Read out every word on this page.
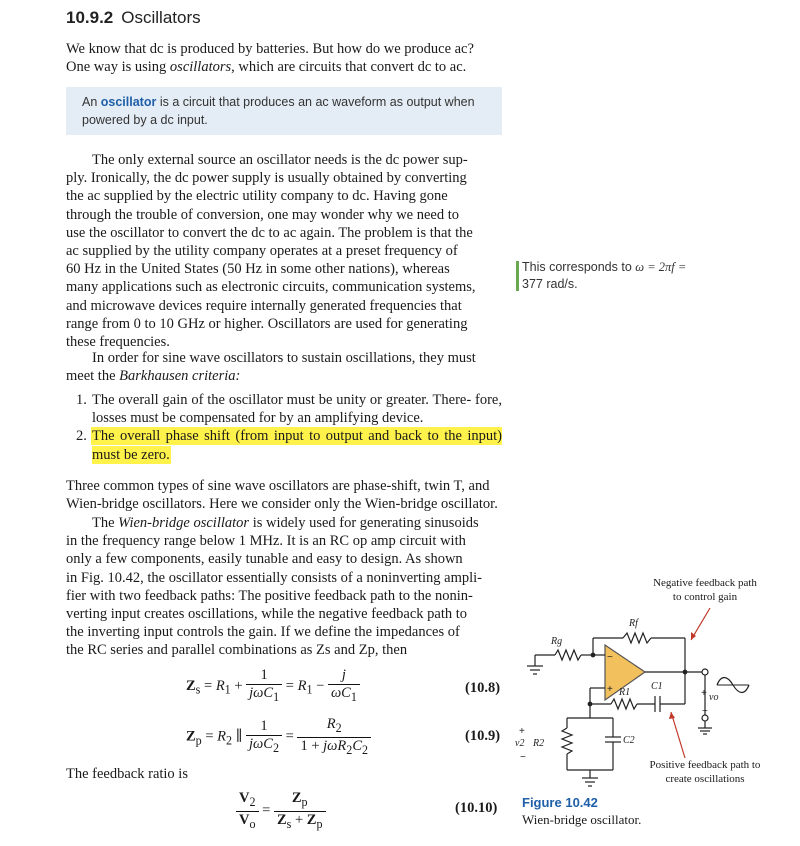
10.9.2 Oscillators
We know that dc is produced by batteries. But how do we produce ac?
One way is using oscillators, which are circuits that convert dc to ac.
An oscillator is a circuit that produces an ac waveform as output when powered by a dc input.
The only external source an oscillator needs is the dc power sup-
ply. Ironically, the dc power supply is usually obtained by converting
the ac supplied by the electric utility company to dc. Having gone
through the trouble of conversion, one may wonder why we need to
use the oscillator to convert the dc to ac again. The problem is that the
ac supplied by the utility company operates at a preset frequency of
60 Hz in the United States (50 Hz in some other nations), whereas
many applications such as electronic circuits, communication systems,
and microwave devices require internally generated frequencies that
range from 0 to 10 GHz or higher. Oscillators are used for generating
these frequencies.
In order for sine wave oscillators to sustain oscillations, they must
meet the Barkhausen criteria:
This corresponds to ω = 2πf =
377 rad/s.
1. The overall gain of the oscillator must be unity or greater. There- fore, losses must be compensated for by an amplifying device.
2. The overall phase shift (from input to output and back to the input) must be zero.
Three common types of sine wave oscillators are phase-shift, twin T, and
Wien-bridge oscillators. Here we consider only the Wien-bridge oscillator.
The Wien-bridge oscillator is widely used for generating sinusoids
in the frequency range below 1 MHz. It is an RC op amp circuit with
only a few components, easily tunable and easy to design. As shown
in Fig. 10.42, the oscillator essentially consists of a noninverting ampli-
fier with two feedback paths: The positive feedback path to the nonin-
verting input creates oscillations, while the negative feedback path to
the inverting input controls the gain. If we define the impedances of
the RC series and parallel combinations as Zs and Zp, then
$Z_s = R_1 + \frac{1}{j\omega C_1} = R_1 - \frac{j}{\omega C_1}$	(10.8)
$Z_p = R_2$ ∥ $\frac{1}{j\omega C_2} = \frac{R_2}{1 + j\omega R_2C_2}$	(10.9)
The feedback ratio is
$\frac{V_2}{V_o} = \frac{Z_p}{Z_s + Z_p}$	(10.10)
Negative feedback path to control gain
Positive feedback path to create oscillations
Rf
Rg
R1
C1
R2	C2
vo
v2
−
+	+
−
+
−
Figure 10.42
Wien-bridge oscillator.
